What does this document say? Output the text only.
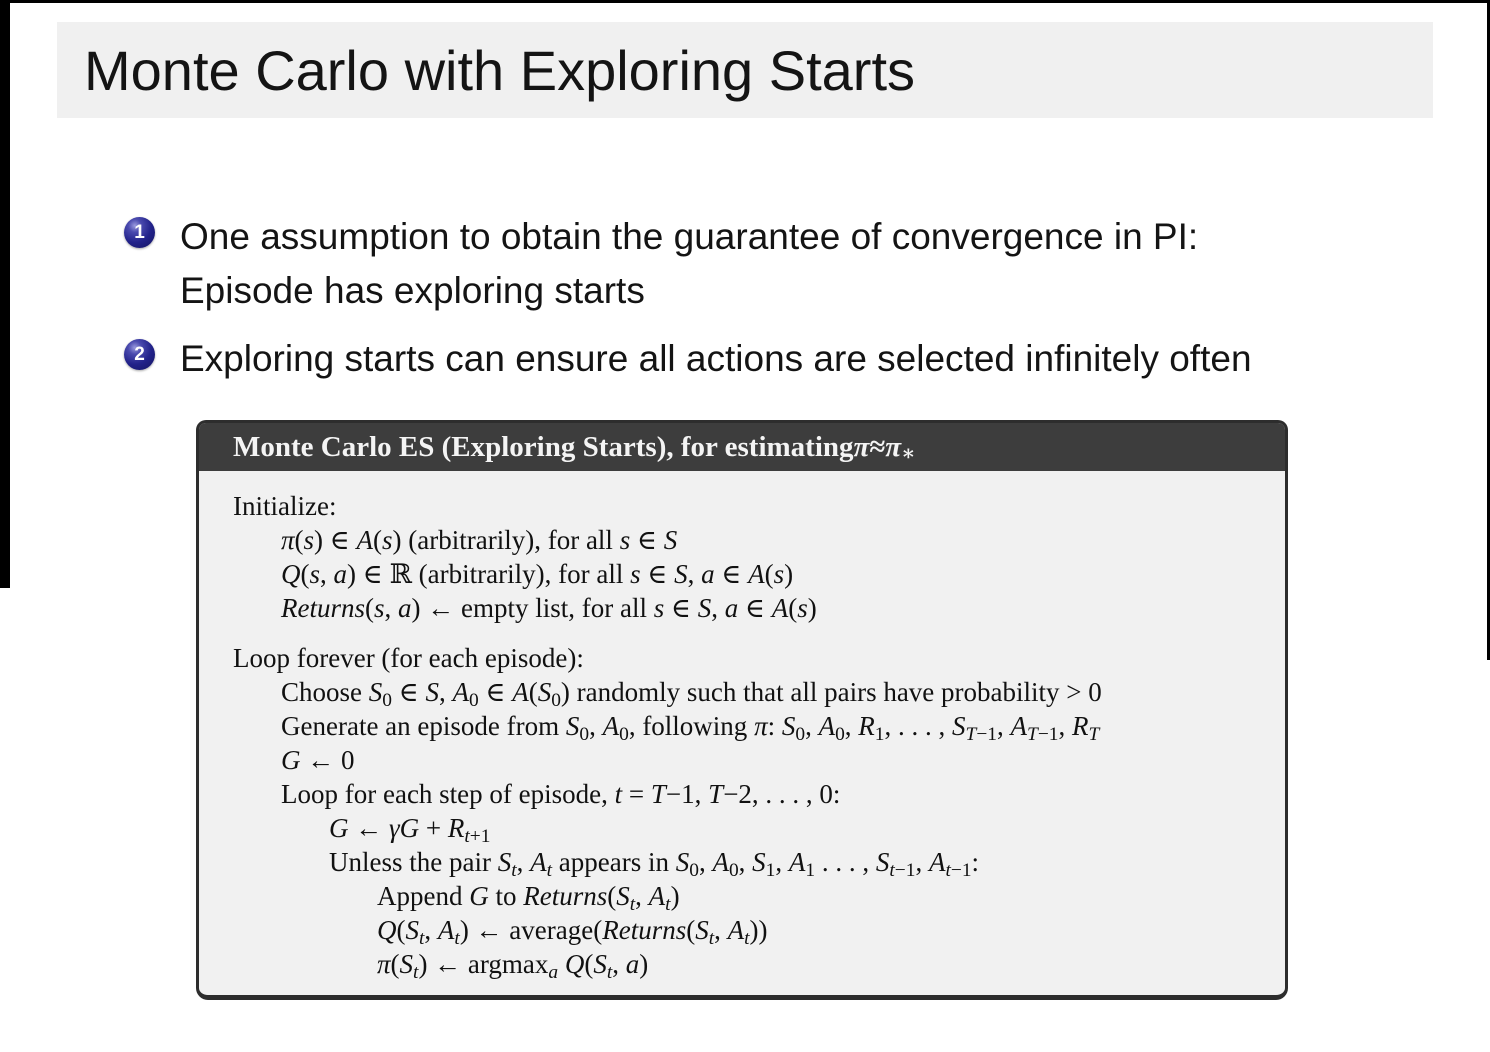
Monte Carlo with Exploring Starts
1 One assumption to obtain the guarantee of convergence in PI:
Episode has exploring starts
2 Exploring starts can ensure all actions are selected infinitely often
Monte Carlo ES (Exploring Starts), for estimating $\pi \approx \pi_∗$
Initialize:
π(s) ∈ A(s) (arbitrarily), for all s ∈ S
Q(s, a) ∈ ℝ (arbitrarily), for all s ∈ S, a ∈ A(s)
Returns(s, a) ← empty list, for all s ∈ S, a ∈ A(s)
Loop forever (for each episode):
Choose $S_0$ ∈ S, $A_0$ ∈ $A(S_0)$ randomly such that all pairs have probability > 0
Generate an episode from $S_0$, $A_0$, following π: $S_0$, $A_0$, $R_1$, . . . , $S_{T-1}$, $A_{T-1}$, $R_T$
G ← 0
Loop for each step of episode, t = T−1, T−2, . . . , 0:
G ← $\gamma G + R_{t+1}$
Unless the pair $S_t$, $A_t$ appears in $S_0$, $A_0$, $S_1$, $A_1$ . . . , $S_{t-1}$, $A_{t-1}$:
Append G to $Returns(S_t$, $A_t$)
$Q(S_t$, $A_t$) ← $average(Returns(S_t$, $A_t$))
$\pi(S_t)$ ← argmax$_a$ $Q(S_t$, a)
